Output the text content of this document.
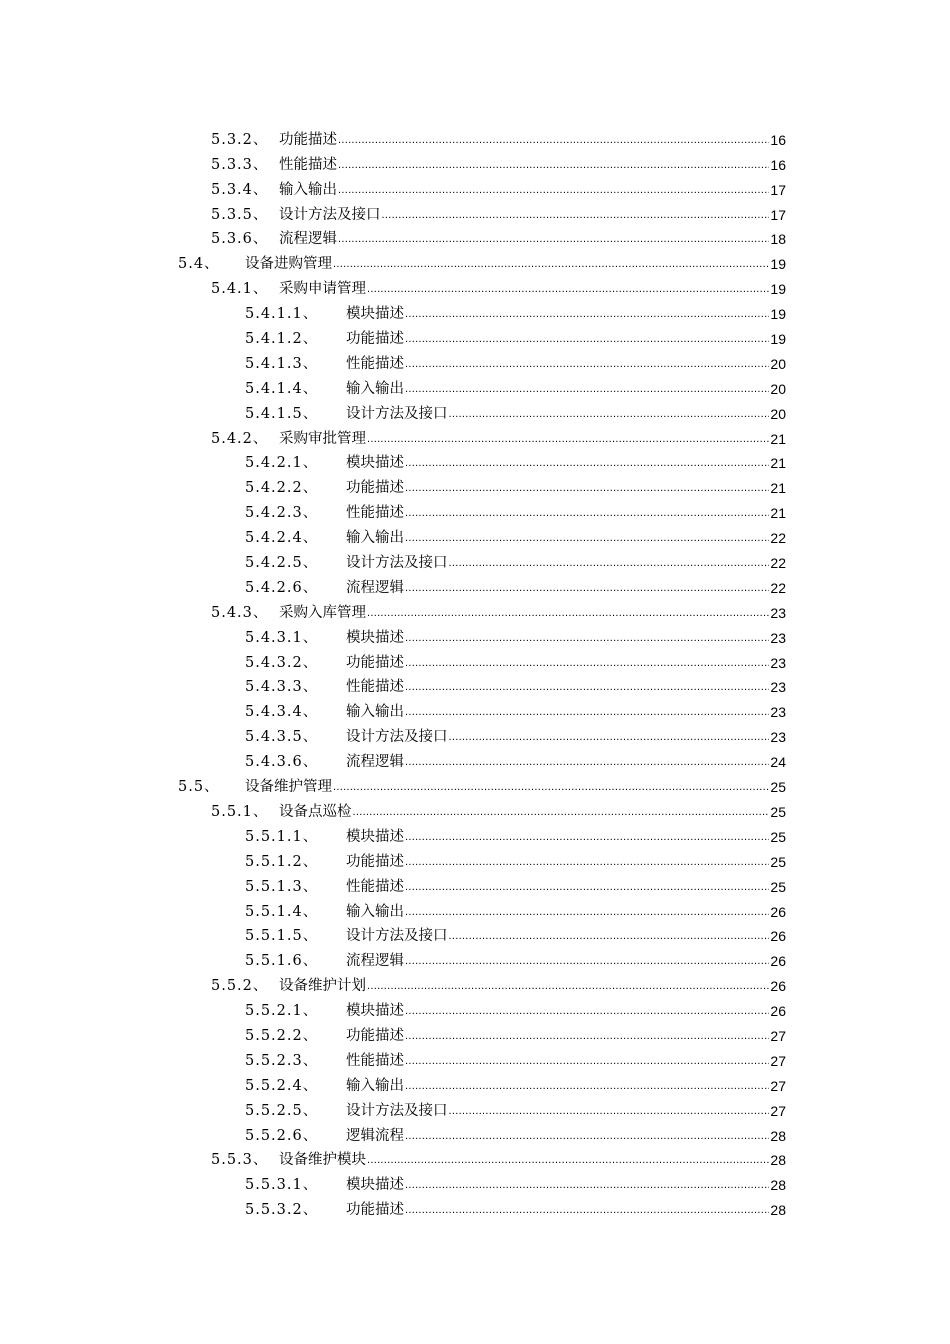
5.3.2、 功能描述 .....	16
5.3.3、 性能描述 .....	16
5.3.4、 输入输出 .....	17
5.3.5、 设计方法及接口 .....	17
5.3.6、 流程逻辑 .....	18
5.4、	设备进购管理 .....	19
5.4.1、 采购申请管理 .....	19
5.4.1.1、	模块描述 .....	19
5.4.1.2、	功能描述 .....	19
5.4.1.3、	性能描述 .....	20
5.4.1.4、	输入输出 .....	20
5.4.1.5、	设计方法及接口 .....	20
5.4.2、 采购审批管理 .....	21
5.4.2.1、	模块描述 .....	21
5.4.2.2、	功能描述 .....	21
5.4.2.3、	性能描述 .....	21
5.4.2.4、	输入输出 .....	22
5.4.2.5、	设计方法及接口 .....	22
5.4.2.6、	流程逻辑 .....	22
5.4.3、 采购入库管理 .....	23
5.4.3.1、	模块描述 .....	23
5.4.3.2、	功能描述 .....	23
5.4.3.3、	性能描述 .....	23
5.4.3.4、	输入输出 .....	23
5.4.3.5、	设计方法及接口 .....	23
5.4.3.6、	流程逻辑 .....	24
5.5、	设备维护管理 .....	25
5.5.1、 设备点巡检 .....	25
5.5.1.1、	模块描述 .....	25
5.5.1.2、	功能描述 .....	25
5.5.1.3、	性能描述 .....	25
5.5.1.4、	输入输出 .....	26
5.5.1.5、	设计方法及接口 .....	26
5.5.1.6、	流程逻辑 .....	26
5.5.2、 设备维护计划 .....	26
5.5.2.1、	模块描述 .....	26
5.5.2.2、	功能描述 .....	27
5.5.2.3、	性能描述 .....	27
5.5.2.4、	输入输出 .....	27
5.5.2.5、	设计方法及接口 .....	27
5.5.2.6、	逻辑流程 .....	28
5.5.3、 设备维护模块 .....	28
5.5.3.1、	模块描述 .....	28
5.5.3.2、	功能描述 .....	28
